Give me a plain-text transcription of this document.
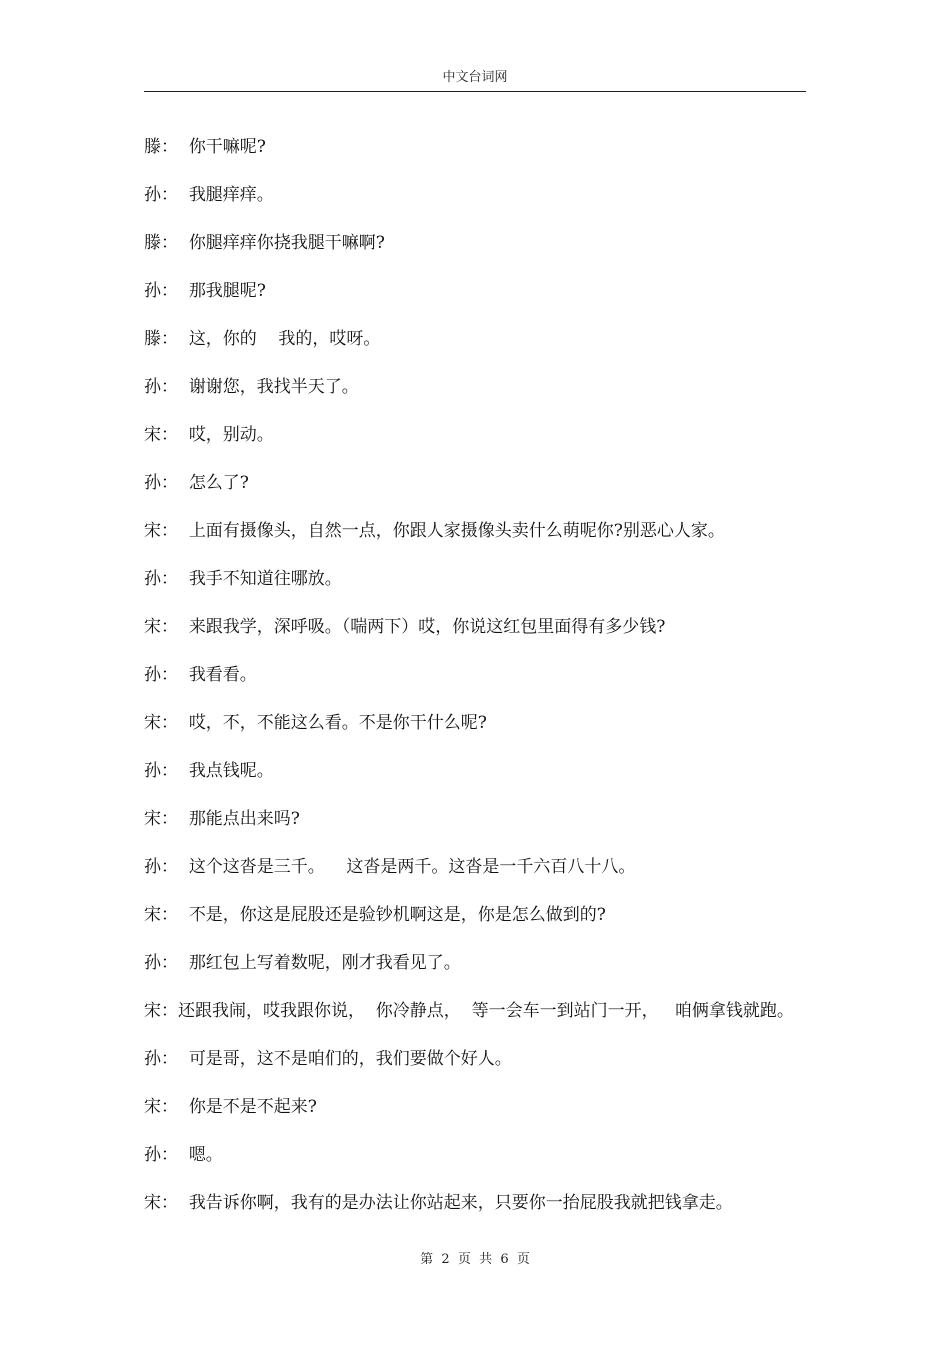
中文台词网
滕：  你干嘛呢?
孙：  我腿痒痒。
滕：  你腿痒痒你挠我腿干嘛啊?
孙：  那我腿呢?
滕：  这，你的    我的，哎呀。
孙：  谢谢您，我找半天了。
宋：  哎，别动。
孙：  怎么了?
宋：  上面有摄像头，自然一点，你跟人家摄像头卖什么萌呢你?别恶心人家。
孙：  我手不知道往哪放。
宋：  来跟我学，深呼吸。（喘两下）哎，你说这红包里面得有多少钱?
孙：  我看看。
宋：  哎，不，不能这么看。不是你干什么呢?
孙：  我点钱呢。
宋：  那能点出来吗?
孙：  这个这沓是三千。    这沓是两千。这沓是一千六百八十八。
宋：  不是，你这是屁股还是验钞机啊这是，你是怎么做到的?
孙：  那红包上写着数呢，刚才我看见了。
宋：还跟我闹，哎我跟你说，  你冷静点，  等一会车一到站门一开，   咱俩拿钱就跑。
孙：  可是哥，这不是咱们的，我们要做个好人。
宋：  你是不是不起来?
孙：  嗯。
宋：  我告诉你啊，我有的是办法让你站起来，只要你一抬屁股我就把钱拿走。
第  2  页  共  6  页
